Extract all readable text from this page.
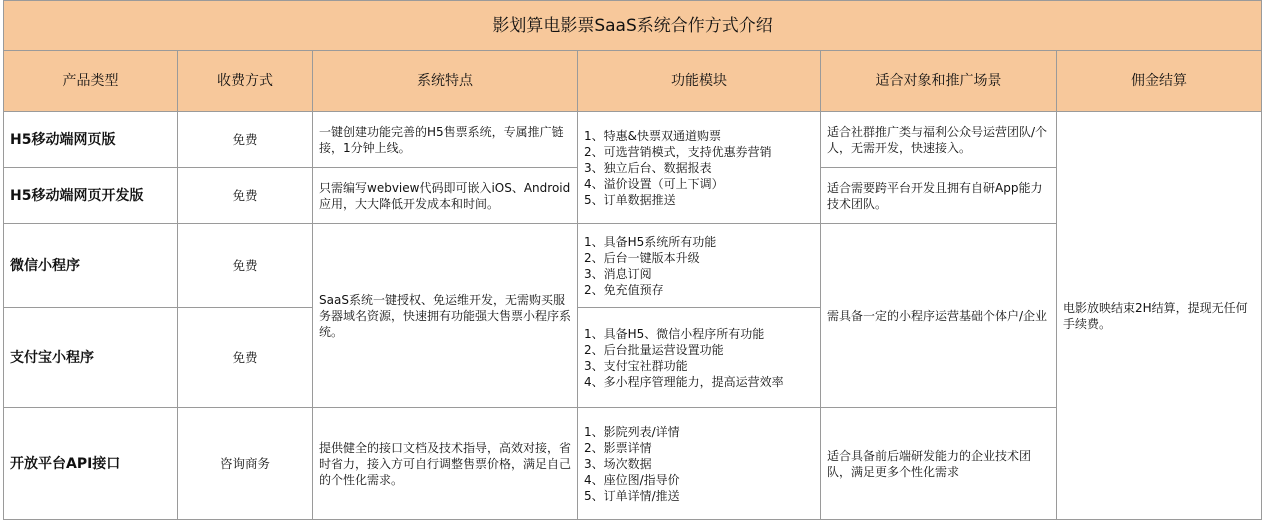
影划算电影票SaaS系统合作方式介绍					
产品类型	收费方式	系统特点	功能模块	适合对象和推广场景	佣金结算
H5移动端网页版	免费	一键创建功能完善的H5售票系统，专属推广链接，1分钟上线。	1、特惠&快票双通道购票
2、可选营销模式，支持优惠券营销
3、独立后台、数据报表
4、溢价设置（可上下调）
5、订单数据推送	适合社群推广类与福利公众号运营团队/个人，无需开发，快速接入。	电影放映结束2H结算，提现无任何手续费。
H5移动端网页开发版	免费	只需编写webview代码即可嵌入iOS、Android应用，大大降低开发成本和时间。		适合需要跨平台开发且拥有自研App能力技术团队。	
微信小程序	免费	SaaS系统一键授权、免运维开发，无需购买服务器域名资源，快速拥有功能强大售票小程序系统。	1、具备H5系统所有功能
2、后台一键版本升级
3、消息订阅
2、免充值预存	需具备一定的小程序运营基础个体户/企业	
支付宝小程序	免费		1、具备H5、微信小程序所有功能
2、后台批量运营设置功能
3、支付宝社群功能
4、多小程序管理能力，提高运营效率		

开放平台API接口	咨询商务	提供健全的接口文档及技术指导，高效对接，省时省力，接入方可自行调整售票价格，满足自己的个性化需求。	1、影院列表/详情
2、影票详情
3、场次数据
4、座位图/指导价
5、订单详情/推送	适合具备前后端研发能力的企业技术团队，满足更多个性化需求	
